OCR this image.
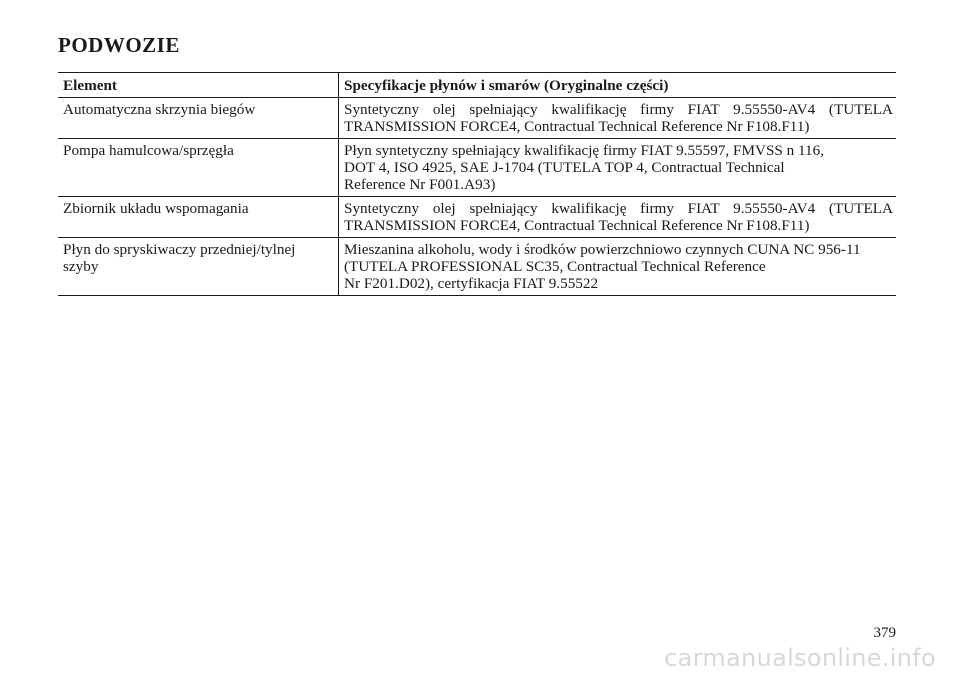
PODWOZIE
Element	Specyfikacje płynów i smarów (Oryginalne części)
Automatyczna skrzynia biegów	Syntetyczny olej spełniający kwalifikację firmy FIAT 9.55550-AV4 (TUTELA
TRANSMISSION FORCE4, Contractual Technical Reference Nr F108.F11)

Pompa hamulcowa/sprzęgła	Płyn syntetyczny spełniający kwalifikację firmy FIAT 9.55597, FMVSS n 116,
DOT 4, ISO 4925, SAE J-1704 (TUTELA TOP 4, Contractual Technical
Reference Nr F001.A93)

Zbiornik układu wspomagania	Syntetyczny olej spełniający kwalifikację firmy FIAT 9.55550-AV4 (TUTELA
TRANSMISSION FORCE4, Contractual Technical Reference Nr F108.F11)

Płyn do spryskiwaczy przedniej/tylnej
szyby	Mieszanina alkoholu, wody i środków powierzchniowo czynnych CUNA NC 956-11
(TUTELA PROFESSIONAL SC35, Contractual Technical Reference
Nr F201.D02), certyfikacja FIAT 9.55522
379
carmanualsonline.info
